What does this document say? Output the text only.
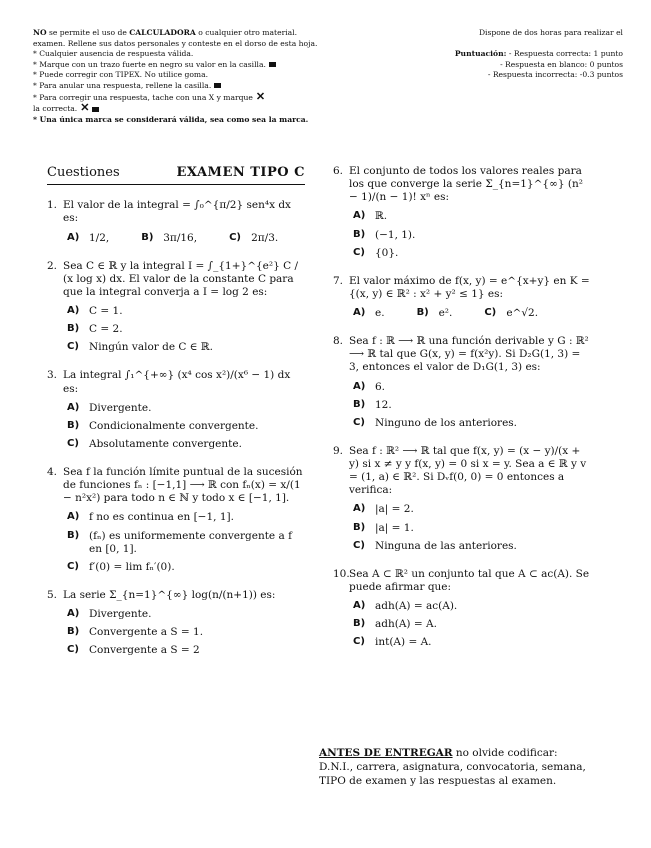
NO se permite el uso de CALCULADORA o cualquier otro material.	Dispone de dos horas para realizar el
examen. Rellene sus datos personales y conteste en el dorso de esta hoja.
* Cualquier ausencia de respuesta válida.
* Marque con un trazo fuerte en negro su valor en la casilla.
* Puede corregir con TIPEX. No utilice goma.
* Para anular una respuesta, rellene la casilla.
* Para corregir una respuesta, tache con una X y marque ✕
la correcta. ✕
* Una única marca se considerará válida, sea como sea la marca.
Puntuación: - Respuesta correcta: 1 punto
- Respuesta en blanco: 0 puntos
- Respuesta incorrecta: -0.3 puntos
Cuestiones	EXAMEN TIPO C
1. El valor de la integral = ∫₀^{π/2} sen⁴x dx es:
A) 1/2,	B) 3π/16,	C) 2π/3.
2. Sea C ∈ ℝ y la integral I = ∫_{1+}^{e²} C / (x log x) dx. El valor de la constante C para que la integral converja a I = log 2 es:
A) C = 1.
B) C = 2.
C) Ningún valor de C ∈ ℝ.
3. La integral ∫₁^{+∞} (x⁴ cos x²)/(x⁶ − 1) dx es:
A) Divergente.
B) Condicionalmente convergente.
C) Absolutamente convergente.
4. Sea f la función límite puntual de la sucesión de funciones fₙ : [−1,1] ⟶ ℝ con fₙ(x) = x/(1 − n²x²) para todo n ∈ ℕ y todo x ∈ [−1, 1].
A) f no es continua en [−1, 1].
B) (fₙ) es uniformemente convergente a f en [0, 1].
C) f′(0) = lim fₙ′(0).
5. La serie Σ_{n=1}^{∞} log(n/(n+1)) es:
A) Divergente.
B) Convergente a S = 1.
C) Convergente a S = 2
6. El conjunto de todos los valores reales para los que converge la serie Σ_{n=1}^{∞} (n² − 1)/(n − 1)! xⁿ es:
A) ℝ.
B) (−1, 1).
C) {0}.
7. El valor máximo de f(x, y) = e^{x+y} en K = {(x, y) ∈ ℝ² : x² + y² ≤ 1} es:
A) e.	B) e².	C) e^√2.
8. Sea f : ℝ ⟶ ℝ una función derivable y G : ℝ² ⟶ ℝ tal que G(x, y) = f(x²y). Si D₂G(1, 3) = 3, entonces el valor de D₁G(1, 3) es:
A) 6.
B) 12.
C) Ninguno de los anteriores.
9. Sea f : ℝ² ⟶ ℝ tal que f(x, y) = (x − y)/(x + y) si x ≠ y y f(x, y) = 0 si x = y. Sea a ∈ ℝ y v = (1, a) ∈ ℝ². Si Dᵥf(0, 0) = 0 entonces a verifica:
A) |a| = 2.
B) |a| = 1.
C) Ninguna de las anteriores.
10. Sea A ⊂ ℝ² un conjunto tal que A ⊂ ac(A). Se puede afirmar que:
A) adh(A) = ac(A).
B) adh(A) = A.
C) int(A) = A.
ANTES DE ENTREGAR no olvide codificar: D.N.I., carrera, asignatura, convocatoria, semana, TIPO de examen y las respuestas al examen.
